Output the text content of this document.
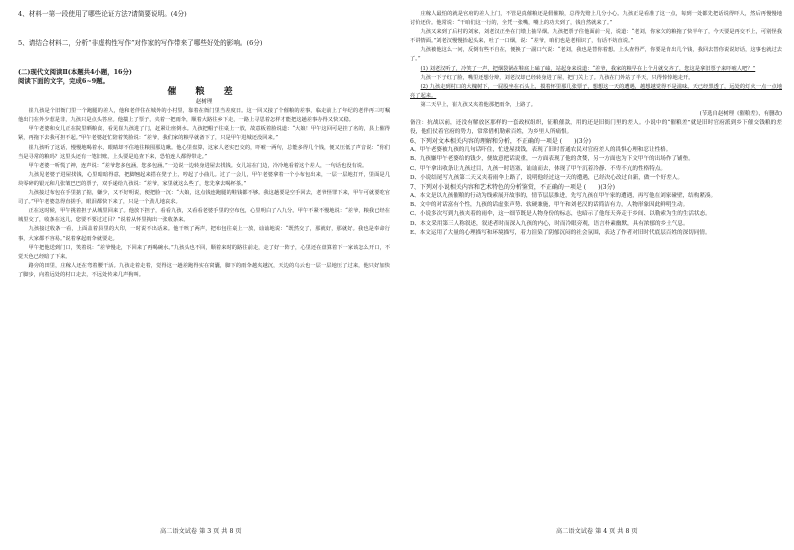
4、材料一第一段使用了哪些论证方法?请简要说明。(4分)

5、请结合材料二，分析“非虚构性写作”对作家的写作带来了哪些好处的影响。(6分)

(二)现代文阅读Ⅱ(本题共4小题，16分)

阅读下面的文字，完成6~9题。

催 粮 差

赵树理

崔九孩是个旧衙门里一个跑腿的差人，他和老伴住在城外的小村里，靠着在衙门里当差度日。这一回又接了个催粮的差事，临走前上了年纪的老伴再三叮嘱他出门在外少惹是非，九孩只是点头答应。他揣上了票子，夹着一把雨伞，顺着大路往乡下走，一路上寻思着怎样才能把这趟差事办得又快又稳。

甲午老婆和女儿正在院里晒粮食，看见崔九孩进了门，赶紧让座倒水。九孩把帽子往桌上一放，故意板着脸说道：“大娘！甲午这回可是挂了名的，县上催得紧，再拖下去我可担不起。”甲午老婆赶忙陪着笑脸说：“差爷，我们家的粮早就备下了，只是甲午进城还没回来。”

崔九孩听了这话，慢慢地喝着水，眼睛却不住地往粮囤那边瞅。他心里盘算，这家人老实巴交的，吓唬一两句，总能多得几个钱，便又压低了声音说：“你们当是寻常的粮吗？这里头还有一笔旧账，上头要是追查下来，恐怕连人都得带走。”

甲午老婆一听慌了神，连声说：“差爷您多包涵，您多包涵。”一边说一边转身进屋去找钱。女儿站在门边，冷冷地看着这个差人，一句话也没有说。

九孩见老婆子进屋找钱，心里暗暗得意，把脚翘起来搭在凳子上，哼起了小曲儿。过了一会儿，甲午老婆拿着一个小布包出来，一层一层地打开，里面是几块零碎的银元和几张皱巴巴的票子，双手递给九孩说：“差爷，家里就这么些了，您先拿去喝杯茶。”

九孩接过布包在手里掂了掂，嫌少，又不好明说，便把脸一沉：“大娘，这点钱连跑腿的鞋钱都不够。我这趟要是空手回去，老爷怪罪下来，甲午可就要吃官司了。”甲午老婆急得直搓手，眼泪都快下来了，只是一个劲儿地哀求。

正在这时候，甲午挑着担子从城里回来了。他放下担子，看看九孩，又看看老婆手里的空布包，心里明白了八九分。甲午不紧不慢地说：“差爷，粮我已经在城里交了，收条在这儿，您要不要过过目？”说着从怀里掏出一张收条来。

九孩接过收条一看，上面盖着县里的大印，一时说不出话来。他干咳了两声，把布包往桌上一放，讪讪地说：“既然交了，那就好，那就好。我也是奉命行事，大家都不容易。”说着拿起雨伞就要走。

甲午把他送到门口，笑着说：“差爷慢走，下回来了再喝碗水。”九孩头也不回，顺着来时的路往前走，走了好一阵子，心里还在盘算着下一家该怎么开口，不觉天色已经暗了下来。

路旁的田里，庄稼人还在弯着腰干活。九孩走着走着，觉得这一趟差跑得实在窝囊，脚下的雨伞越夹越沉，天边的乌云也一层一层地压了过来，他只好加快了脚步，向着远处的村口走去，不远处传来几声狗叫。

庄稼人最怕的就是官府的差人上门，不管是真催粮还是假催粮，总得先赔上几分小心。九孩正是看准了这一点，每到一处都先把话说得吓人，然后再慢慢地讨价还价。他常说：“干咱们这一行的，全凭一张嘴，嘴上的功夫到了，钱自然就来了。”

九孩又来到了后村的刘家，刘老汉正坐在门墩上抽旱烟。九孩把票子往他面前一晃，说道：“老刘，你家欠的粮拖了快半年了，今天要是再交不上，可别怪我不讲情面。”刘老汉慢慢抬起头来，吐了一口烟，说：“差爷，咱们也是老相识了，有话不妨直说。”

九孩被他这么一问，反倒有些不自在，便换了一副口气说：“老刘，我也是替你着想。上头查得严，你要是肯出几个钱，我回去替你说说好话，这事也就过去了。”

(1) 刘老汉听了，冷笑了一声，把烟袋锅在鞋底上磕了磕，站起身来说道：“差爷，我家的粮早在上个月就交齐了，您这是拿旧票子来吓唬人吧？”

九孩一下子红了脸，嘴里还想分辩，刘老汉却已经转身进了屋，把门关上了。九孩在门外站了半天，只得悻悻地走开。

(2) 九孩走到村口的大槐树下，一屁股坐在石头上，摸着怀里那几张票子，想想这一天的遭遇，越想越觉得不是滋味。天已经黑透了，远处的灯火一点一点地亮了起来。

第二天早上，崔九孩又夹着他那把雨伞，上路了。

(节选自赵树理《催粮差》，有删改)

备注：抗战以前，还没有解放区那样的一套政权组织，征粮催款，用的还是旧衙门里的差人。小说中的“催粮差”就是旧时官府派到乡下催交钱粮的差役，他们仗着官府的势力，常常借机勒索百姓，为乡里人所痛恨。

6、下列对文本相关内容的理解和分析，不正确的一项是 (　　)(3分)

A、甲午老婆被九孩的几句话吓住，忙进屋找钱，表现了旧时普通农民对官府差人的畏惧心理和忍让性格。

B、九孩嫌甲午老婆给的钱少，便故意把话说重，一方面表现了他的贪婪，另一方面也为下文甲午的出场作了铺垫。

C、甲午拿出收条让九孩过目，九孩一时语塞，讪讪而去，体现了甲午沉着冷静、不卑不亢的性格特点。

D、小说结尾写九孩第二天又夹着雨伞上路了，说明他经过这一天的遭遇，已经决心改过自新，做一个好差人。

7、下列对小说相关内容和艺术特色的分析鉴赏，不正确的一项是 (　　)(3分)

A、本文是以九孩催粮的行动为线索展开故事的，情节层层推进，先写九孩在甲午家的遭遇，再写他在刘家碰壁，结构紧凑。

B、文中的对话富有个性，九孩的话虚张声势、软硬兼施，甲午和刘老汉的话简洁有力，人物形象因此鲜明生动。

C、小说多次写到九孩夹着的雨伞，这一细节既是人物身份的标志，也暗示了他每天奔走于乡间、以勒索为生的生活状态。

D、本文采用第三人称叙述，叙述者时而深入九孩的内心，时而冷眼旁观，语言朴素幽默，具有浓郁的乡土气息。

E、本文运用了大量的心理描写和环境描写，着力渲染了阴郁沉闷的社会氛围，表达了作者对旧时代底层百姓的深切同情。

高二语文试卷 第 3 页 共 8 页	高二语文试卷 第 4 页 共 8 页
